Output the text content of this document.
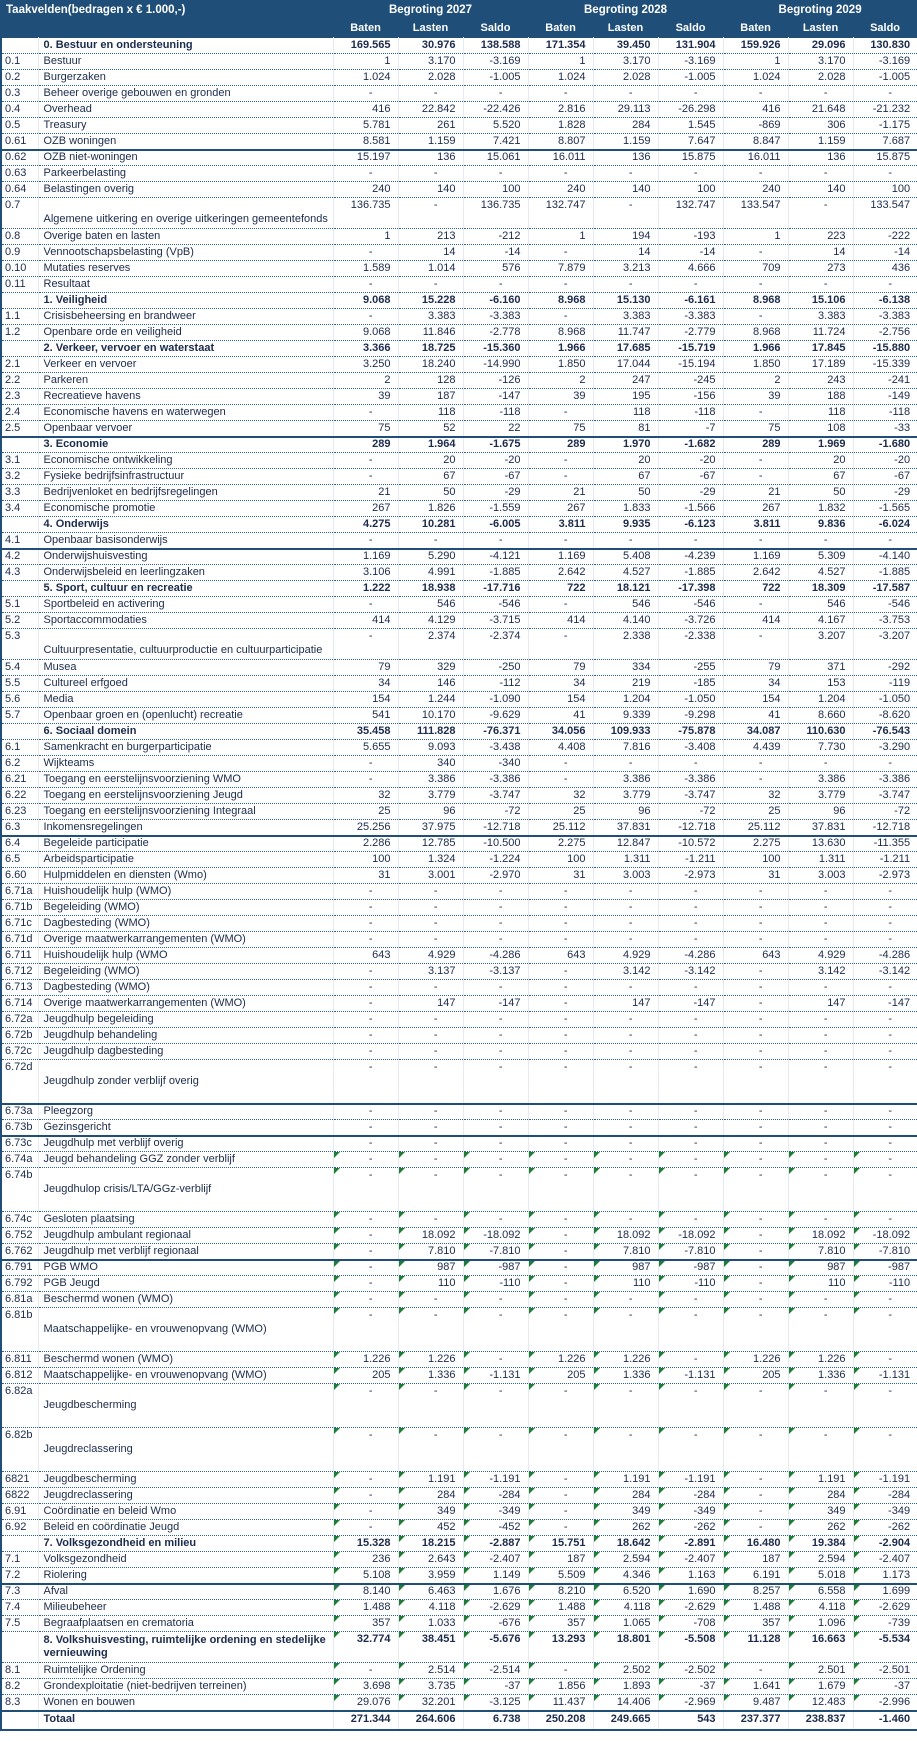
Taakvelden(bedragen x € 1.000,-)		Begroting 2027			Begroting 2028			Begroting 2029		
		Baten	Lasten	Saldo	Baten	Lasten	Saldo	Baten	Lasten	Saldo
	0. Bestuur en ondersteuning	169.565	30.976	138.588	171.354	39.450	131.904	159.926	29.096	130.830
0.1	Bestuur	1	3.170	-3.169	1	3.170	-3.169	1	3.170	-3.169
0.2	Burgerzaken	1.024	2.028	-1.005	1.024	2.028	-1.005	1.024	2.028	-1.005
0.3	Beheer overige gebouwen en gronden	-	-	-	-	-	-	-	-	-
0.4	Overhead	416	22.842	-22.426	2.816	29.113	-26.298	416	21.648	-21.232
0.5	Treasury	5.781	261	5.520	1.828	284	1.545	-869	306	-1.175
0.61	OZB woningen	8.581	1.159	7.421	8.807	1.159	7.647	8.847	1.159	7.687
0.62	OZB niet-woningen	15.197	136	15.061	16.011	136	15.875	16.011	136	15.875
0.63	Parkeerbelasting	-	-	-	-	-	-	-	-	-
0.64	Belastingen overig	240	140	100	240	140	100	240	140	100
0.7	Algemene uitkering en overige uitkeringen gemeentefonds	136.735	-	136.735	132.747	-	132.747	133.547	-	133.547
0.8	Overige baten en lasten	1	213	-212	1	194	-193	1	223	-222
0.9	Vennootschapsbelasting (VpB)	-	14	-14	-	14	-14	-	14	-14
0.10	Mutaties reserves	1.589	1.014	576	7.879	3.213	4.666	709	273	436
0.11	Resultaat	-	-	-	-	-	-	-	-	-
	1. Veiligheid	9.068	15.228	-6.160	8.968	15.130	-6.161	8.968	15.106	-6.138
1.1	Crisisbeheersing en brandweer	-	3.383	-3.383	-	3.383	-3.383	-	3.383	-3.383
1.2	Openbare orde en veiligheid	9.068	11.846	-2.778	8.968	11.747	-2.779	8.968	11.724	-2.756
	2. Verkeer, vervoer en waterstaat	3.366	18.725	-15.360	1.966	17.685	-15.719	1.966	17.845	-15.880
2.1	Verkeer en vervoer	3.250	18.240	-14.990	1.850	17.044	-15.194	1.850	17.189	-15.339
2.2	Parkeren	2	128	-126	2	247	-245	2	243	-241
2.3	Recreatieve havens	39	187	-147	39	195	-156	39	188	-149
2.4	Economische havens en waterwegen	-	118	-118	-	118	-118	-	118	-118
2.5	Openbaar vervoer	75	52	22	75	81	-7	75	108	-33
	3. Economie	289	1.964	-1.675	289	1.970	-1.682	289	1.969	-1.680
3.1	Economische ontwikkeling	-	20	-20	-	20	-20	-	20	-20
3.2	Fysieke bedrijfsinfrastructuur	-	67	-67	-	67	-67	-	67	-67
3.3	Bedrijvenloket en bedrijfsregelingen	21	50	-29	21	50	-29	21	50	-29
3.4	Economische promotie	267	1.826	-1.559	267	1.833	-1.566	267	1.832	-1.565
	4. Onderwijs	4.275	10.281	-6.005	3.811	9.935	-6.123	3.811	9.836	-6.024
4.1	Openbaar basisonderwijs	-	-	-	-	-	-	-	-	-
4.2	Onderwijshuisvesting	1.169	5.290	-4.121	1.169	5.408	-4.239	1.169	5.309	-4.140
4.3	Onderwijsbeleid en leerlingzaken	3.106	4.991	-1.885	2.642	4.527	-1.885	2.642	4.527	-1.885
	5. Sport, cultuur en recreatie	1.222	18.938	-17.716	722	18.121	-17.398	722	18.309	-17.587
5.1	Sportbeleid en activering	-	546	-546	-	546	-546	-	546	-546
5.2	Sportaccommodaties	414	4.129	-3.715	414	4.140	-3.726	414	4.167	-3.753
5.3	Cultuurpresentatie, cultuurproductie en cultuurparticipatie	-	2.374	-2.374	-	2.338	-2.338	-	3.207	-3.207
5.4	Musea	79	329	-250	79	334	-255	79	371	-292
5.5	Cultureel erfgoed	34	146	-112	34	219	-185	34	153	-119
5.6	Media	154	1.244	-1.090	154	1.204	-1.050	154	1.204	-1.050
5.7	Openbaar groen en (openlucht) recreatie	541	10.170	-9.629	41	9.339	-9.298	41	8.660	-8.620
	6. Sociaal domein	35.458	111.828	-76.371	34.056	109.933	-75.878	34.087	110.630	-76.543
6.1	Samenkracht en burgerparticipatie	5.655	9.093	-3.438	4.408	7.816	-3.408	4.439	7.730	-3.290
6.2	Wijkteams	-	340	-340	-	-	-	-	-	-
6.21	Toegang en eerstelijnsvoorziening WMO	-	3.386	-3.386	-	3.386	-3.386	-	3.386	-3.386
6.22	Toegang en eerstelijnsvoorziening Jeugd	32	3.779	-3.747	32	3.779	-3.747	32	3.779	-3.747
6.23	Toegang en eerstelijnsvoorziening Integraal	25	96	-72	25	96	-72	25	96	-72
6.3	Inkomensregelingen	25.256	37.975	-12.718	25.112	37.831	-12.718	25.112	37.831	-12.718
6.4	Begeleide participatie	2.286	12.785	-10.500	2.275	12.847	-10.572	2.275	13.630	-11.355
6.5	Arbeidsparticipatie	100	1.324	-1.224	100	1.311	-1.211	100	1.311	-1.211
6.60	Hulpmiddelen en diensten (Wmo)	31	3.001	-2.970	31	3.003	-2.973	31	3.003	-2.973
6.71a	Huishoudelijk hulp (WMO)	-	-	-	-	-	-	-	-	-
6.71b	Begeleiding (WMO)	-	-	-	-	-	-	-	-	-
6.71c	Dagbesteding (WMO)	-	-	-	-	-	-	-	-	-
6.71d	Overige maatwerkarrangementen (WMO)	-	-	-	-	-	-	-	-	-
6.711	Huishoudelijk hulp (WMO	643	4.929	-4.286	643	4.929	-4.286	643	4.929	-4.286
6.712	Begeleiding (WMO)	-	3.137	-3.137	-	3.142	-3.142	-	3.142	-3.142
6.713	Dagbesteding (WMO)	-	-	-	-	-	-	-	-	-
6.714	Overige maatwerkarrangementen (WMO)	-	147	-147	-	147	-147	-	147	-147
6.72a	Jeugdhulp begeleiding	-	-	-	-	-	-	-	-	-
6.72b	Jeugdhulp behandeling	-	-	-	-	-	-	-	-	-
6.72c	Jeugdhulp dagbesteding	-	-	-	-	-	-	-	-	-
6.72d	Jeugdhulp zonder verblijf overig	-	-	-	-	-	-	-	-	-
6.73a	Pleegzorg	-	-	-	-	-	-	-	-	-
6.73b	Gezinsgericht	-	-	-	-	-	-	-	-	-
6.73c	Jeugdhulp met verblijf overig	-	-	-	-	-	-	-	-	-
6.74a	Jeugd behandeling GGZ zonder verblijf	-	-	-	-	-	-	-	-	-
6.74b	Jeugdhulop crisis/LTA/GGz-verblijf	-	-	-	-	-	-	-	-	-
6.74c	Gesloten plaatsing	-	-	-	-	-	-	-	-	-
6.752	Jeugdhulp ambulant regionaal	-	18.092	-18.092	-	18.092	-18.092	-	18.092	-18.092
6.762	Jeugdhulp met verblijf regionaal	-	7.810	-7.810	-	7.810	-7.810	-	7.810	-7.810
6.791	PGB WMO	-	987	-987	-	987	-987	-	987	-987
6.792	PGB Jeugd	-	110	-110	-	110	-110	-	110	-110
6.81a	Beschermd wonen (WMO)	-	-	-	-	-	-	-	-	-
6.81b	Maatschappelijke- en vrouwenopvang (WMO)	-	-	-	-	-	-	-	-	-
6.811	Beschermd wonen (WMO)	1.226	1.226	-	1.226	1.226	-	1.226	1.226	-
6.812	Maatschappelijke- en vrouwenopvang (WMO)	205	1.336	-1.131	205	1.336	-1.131	205	1.336	-1.131
6.82a	Jeugdbescherming	-	-	-	-	-	-	-	-	-
6.82b	Jeugdreclassering	-	-	-	-	-	-	-	-	-
6821	Jeugdbescherming	-	1.191	-1.191	-	1.191	-1.191	-	1.191	-1.191
6822	Jeugdreclassering	-	284	-284	-	284	-284	-	284	-284
6.91	Coördinatie en beleid Wmo	-	349	-349	-	349	-349	-	349	-349
6.92	Beleid en coördinatie Jeugd	-	452	-452	-	262	-262	-	262	-262
	7. Volksgezondheid en milieu	15.328	18.215	-2.887	15.751	18.642	-2.891	16.480	19.384	-2.904
7.1	Volksgezondheid	236	2.643	-2.407	187	2.594	-2.407	187	2.594	-2.407
7.2	Riolering	5.108	3.959	1.149	5.509	4.346	1.163	6.191	5.018	1.173
7.3	Afval	8.140	6.463	1.676	8.210	6.520	1.690	8.257	6.558	1.699
7.4	Milieubeheer	1.488	4.118	-2.629	1.488	4.118	-2.629	1.488	4.118	-2.629
7.5	Begraafplaatsen en crematoria	357	1.033	-676	357	1.065	-708	357	1.096	-739
	8. Volkshuisvesting, ruimtelijke ordening en stedelijke vernieuwing	32.774	38.451	-5.676	13.293	18.801	-5.508	11.128	16.663	-5.534
8.1	Ruimtelijke Ordening	-	2.514	-2.514	-	2.502	-2.502	-	2.501	-2.501
8.2	Grondexploitatie (niet-bedrijven terreinen)	3.698	3.735	-37	1.856	1.893	-37	1.641	1.679	-37
8.3	Wonen en bouwen	29.076	32.201	-3.125	11.437	14.406	-2.969	9.487	12.483	-2.996
	Totaal	271.344	264.606	6.738	250.208	249.665	543	237.377	238.837	-1.460
